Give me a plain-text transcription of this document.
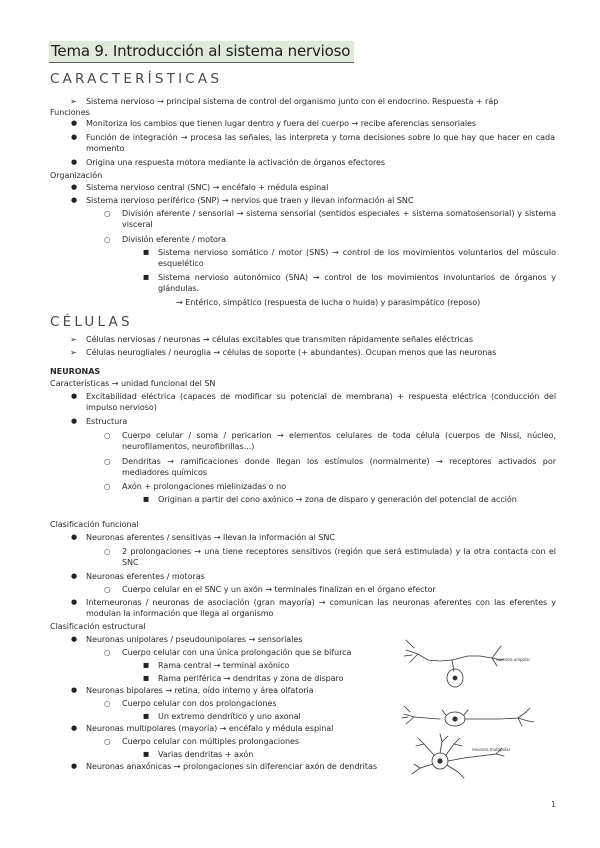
Tema 9. Introducción al sistema nervioso
CARACTERÍSTICAS
➢ Sistema nervioso → principal sistema de control del organismo junto con el endocrino. Respuesta + ráp
Funciones
● Monitoriza los cambios que tienen lugar dentro y fuera del cuerpo → recibe aferencias sensoriales
● Función de integración → procesa las señales, las interpreta y toma decisiones sobre lo que hay que hacer en cada momento
● Origina una respuesta motora mediante la activación de órganos efectores
Organización
● Sistema nervioso central (SNC) → encéfalo + médula espinal
● Sistema nervioso periférico (SNP) → nervios que traen y llevan información al SNC
○ División aferente / sensorial → sistema sensorial (sentidos especiales + sistema somatosensorial) y sistema visceral
○ División eferente / motora
■ Sistema nervioso somático / motor (SNS) → control de los movimientos voluntarios del músculo esquelético
■ Sistema nervioso autonómico (SNA) → control de los movimientos involuntarios de órganos y glándulas.
→ Entérico, simpático (respuesta de lucha o huida) y parasimpático (reposo)
CÉLULAS
➢ Células nerviosas / neuronas → células excitables que transmiten rápidamente señales eléctricas
➢ Células neurogliales / neuroglia → células de soporte (+ abundantes). Ocupan menos que las neuronas
NEURONAS
Características → unidad funcional del SN
● Excitabilidad eléctrica (capaces de modificar su potencial de membrana) + respuesta eléctrica (conducción del impulso nervioso)
● Estructura
○ Cuerpo celular / soma / pericarion → elementos celulares de toda célula (cuerpos de Nissl, núcleo, neurofilamentos, neurofibrillas...)
○ Dendritas → ramificaciones donde llegan los estímulos (normalmente) → receptores activados por mediadores químicos
○ Axón + prolongaciones mielinizadas o no
■ Originan a partir del cono axónico → zona de disparo y generación del potencial de acción
Clasificación funcional
● Neuronas aferentes / sensitivas → llevan la información al SNC
○ 2 prolongaciones → una tiene receptores sensitivos (región que será estimulada) y la otra contacta con el SNC
● Neuronas eferentes / motoras
○ Cuerpo celular en el SNC y un axón → terminales finalizan en el órgano efector
● Interneuronas / neuronas de asociación (gran mayoría) → comunican las neuronas aferentes con las eferentes y modulan la información que llega al organismo
Clasificación estructural
● Neuronas unipolares / pseudounipolares → sensoriales
○ Cuerpo celular con una única prolongación que se bifurca
■ Rama central → terminal axónico
■ Rama periférica → dendritas y zona de disparo
● Neuronas bipolares → retina, oído interno y área olfatoria
○ Cuerpo celular con dos prolongaciones
■ Un extremo dendrítico y uno axonal
● Neuronas multipolares (mayoría) → encéfalo y médula espinal
○ Cuerpo celular con múltiples prolongaciones
■ Varias dendritas + axón
● Neuronas anaxónicas → prolongaciones sin diferenciar axón de dendritas
neurona unipolar
neurona multipolar
1
